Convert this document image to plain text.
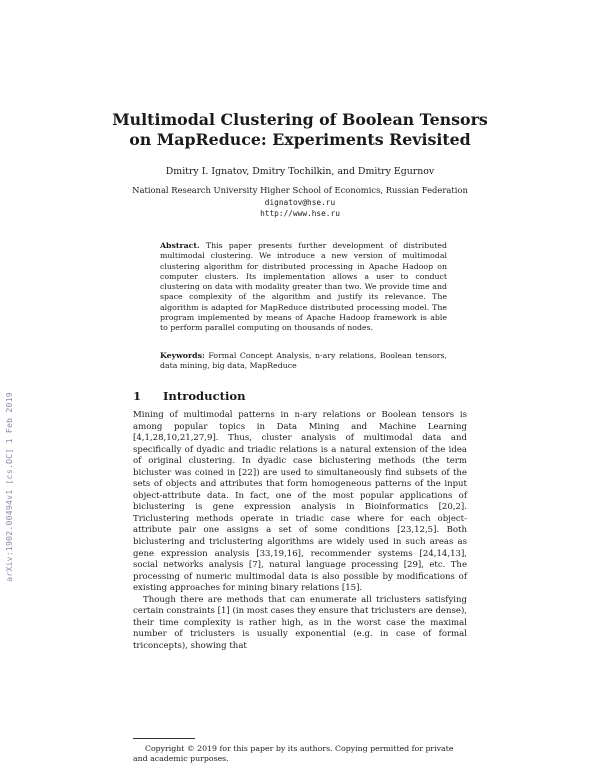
arXiv:1902.00494v1 [cs.DC] 1 Feb 2019
Multimodal Clustering of Boolean Tensors on MapReduce: Experiments Revisited
Dmitry I. Ignatov, Dmitry Tochilkin, and Dmitry Egurnov
National Research University Higher School of Economics, Russian Federation
dignatov@hse.ru
http://www.hse.ru

Abstract. This paper presents further development of distributed multimodal clustering. We introduce a new version of multimodal clustering algorithm for distributed processing in Apache Hadoop on computer clusters. Its implementation allows a user to conduct clustering on data with modality greater than two. We provide time and space complexity of the algorithm and justify its relevance. The algorithm is adapted for MapReduce distributed processing model. The program implemented by means of Apache Hadoop framework is able to perform parallel computing on thousands of nodes.

Keywords: Formal Concept Analysis, n-ary relations, Boolean tensors, data mining, big data, MapReduce

1 Introduction

Mining of multimodal patterns in n-ary relations or Boolean tensors is among popular topics in Data Mining and Machine Learning [4,1,28,10,21,27,9]. Thus, cluster analysis of multimodal data and specifically of dyadic and triadic relations is a natural extension of the idea of original clustering. In dyadic case biclustering methods (the term bicluster was coined in [22]) are used to simultaneously find subsets of the sets of objects and attributes that form homogeneous patterns of the input object-attribute data. In fact, one of the most popular applications of biclustering is gene expression analysis in Bioinformatics [20,2]. Triclustering methods operate in triadic case where for each object-attribute pair one assigns a set of some conditions [23,12,5]. Both biclustering and triclustering algorithms are widely used in such areas as gene expression analysis [33,19,16], recommender systems [24,14,13], social networks analysis [7], natural language processing [29], etc. The processing of numeric multimodal data is also possible by modifications of existing approaches for mining binary relations [15].

Though there are methods that can enumerate all triclusters satisfying certain constraints [1] (in most cases they ensure that triclusters are dense), their time complexity is rather high, as in the worst case the maximal number of triclusters is usually exponential (e.g. in case of formal triconcepts), showing that

Copyright © 2019 for this paper by its authors. Copying permitted for private and academic purposes.
